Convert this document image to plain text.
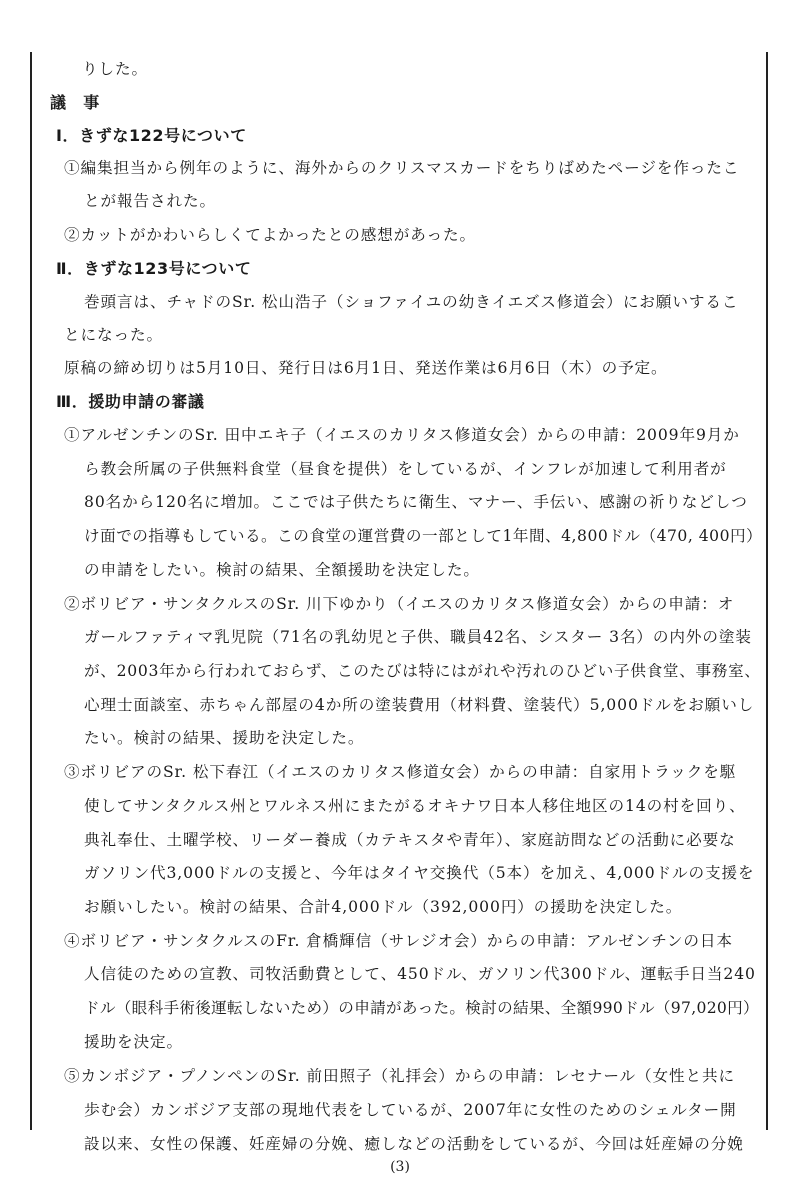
りした。
議　事
Ⅰ．きずな122号について
①編集担当から例年のように、海外からのクリスマスカードをちりばめたページを作ったこ
とが報告された。
②カットがかわいらしくてよかったとの感想があった。
Ⅱ．きずな123号について
巻頭言は、チャドのSr. 松山浩子（ショファイユの幼きイエズス修道会）にお願いするこ
とになった。
原稿の締め切りは5月10日、発行日は6月1日、発送作業は6月6日（木）の予定。
Ⅲ．援助申請の審議
①アルゼンチンのSr. 田中エキ子（イエスのカリタス修道女会）からの申請：2009年9月か
ら教会所属の子供無料食堂（昼食を提供）をしているが、インフレが加速して利用者が
80名から120名に増加。ここでは子供たちに衛生、マナー、手伝い、感謝の祈りなどしつ
け面での指導もしている。この食堂の運営費の一部として1年間、4,800ドル（470, 400円）
の申請をしたい。検討の結果、全額援助を決定した。
②ボリビア・サンタクルスのSr. 川下ゆかり（イエスのカリタス修道女会）からの申請：オ
ガールファティマ乳児院（71名の乳幼児と子供、職員42名、シスター 3名）の内外の塗装
が、2003年から行われておらず、このたびは特にはがれや汚れのひどい子供食堂、事務室、
心理士面談室、赤ちゃん部屋の4か所の塗装費用（材料費、塗装代）5,000ドルをお願いし
たい。検討の結果、援助を決定した。
③ボリビアのSr. 松下春江（イエスのカリタス修道女会）からの申請：自家用トラックを駆
使してサンタクルス州とワルネス州にまたがるオキナワ日本人移住地区の14の村を回り、
典礼奉仕、土曜学校、リーダー養成（カテキスタや青年）、家庭訪問などの活動に必要な
ガソリン代3,000ドルの支援と、今年はタイヤ交換代（5本）を加え、4,000ドルの支援を
お願いしたい。検討の結果、合計4,000ドル（392,000円）の援助を決定した。
④ボリビア・サンタクルスのFr. 倉橋輝信（サレジオ会）からの申請：アルゼンチンの日本
人信徒のための宣教、司牧活動費として、450ドル、ガソリン代300ドル、運転手日当240
ドル（眼科手術後運転しないため）の申請があった。検討の結果、全額990ドル（97,020円）
援助を決定。
⑤カンボジア・プノンペンのSr. 前田照子（礼拝会）からの申請：レセナール（女性と共に
歩む会）カンボジア支部の現地代表をしているが、2007年に女性のためのシェルター開
設以来、女性の保護、妊産婦の分娩、癒しなどの活動をしているが、今回は妊産婦の分娩
(3)
